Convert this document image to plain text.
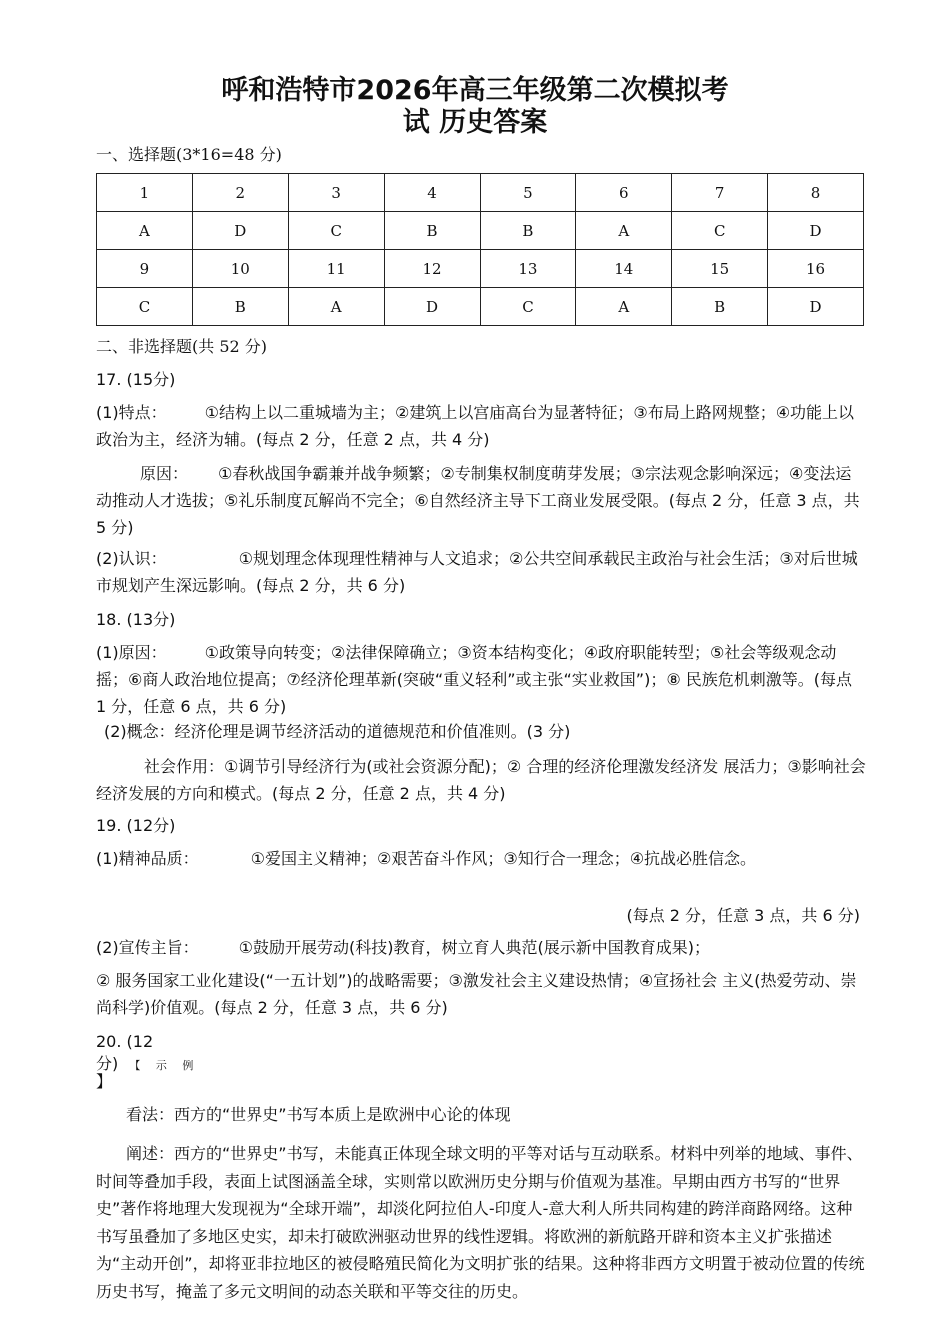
呼和浩特市2026年高三年级第二次模拟考
试 历史答案
一、选择题(3*16=48 分)
1	2	3	4	5	6	7	8
A	D	C	B	B	A	C	D
9	10	11	12	13	14	15	16
C	B	A	D	C	A	B	D
二、非选择题(共 52 分)
17. (15分)

(1)特点： ①结构上以二重城墙为主；②建筑上以宫庙高台为显著特征；③布局上路网规整；④功能上以政治为主，经济为辅。(每点 2 分，任意 2 点，共 4 分)

原因： ①春秋战国争霸兼并战争频繁；②专制集权制度萌芽发展；③宗法观念影响深远；④变法运动推动人才选拔；⑤礼乐制度瓦解尚不完全；⑥自然经济主导下工商业发展受限。(每点 2 分，任意 3 点，共 5 分)

(2)认识：	①规划理念体现理性精神与人文追求；②公共空间承载民主政治与社会生活；③对后世城市规划产生深远影响。(每点 2 分，共 6 分)

18. (13分)

(1)原因： ①政策导向转变；②法律保障确立；③资本结构变化；④政府职能转型；⑤社会等级观念动摇；⑥商人政治地位提高；⑦经济伦理革新(突破“重义轻利”或主张“实业救国”)；⑧ 民族危机刺激等。(每点 1 分，任意 6 点，共 6 分)

(2)概念：经济伦理是调节经济活动的道德规范和价值准则。(3 分)

社会作用：①调节引导经济行为(或社会资源分配)；② 合理的经济伦理激发经济发 展活力；③影响社会经济发展的方向和模式。(每点 2 分，任意 2 点，共 4 分)

19. (12分)

(1)精神品质：	①爱国主义精神；②艰苦奋斗作风；③知行合一理念；④抗战必胜信念。

(每点 2 分，任意 3 点，共 6 分)

(2)宣传主旨：	①鼓励开展劳动(科技)教育，树立育人典范(展示新中国教育成果)；

② 服务国家工业化建设(“一五计划”)的战略需要；③激发社会主义建设热情；④宣扬社会 主义(热爱劳动、崇尚科学)价值观。(每点 2 分，任意 3 点，共 6 分)

20. (12
分) 【 示 例
】

看法：西方的“世界史”书写本质上是欧洲中心论的体现

阐述：西方的“世界史”书写，未能真正体现全球文明的平等对话与互动联系。材料中列举的地域、事件、时间等叠加手段，表面上试图涵盖全球，实则常以欧洲历史分期与价值观为基准。早期由西方书写的“世界史”著作将地理大发现视为“全球开端”，却淡化阿拉伯人-印度人-意大利人所共同构建的跨洋商路网络。这种书写虽叠加了多地区史实，却未打破欧洲驱动世界的线性逻辑。将欧洲的新航路开辟和资本主义扩张描述为“主动开创”，却将亚非拉地区的被侵略殖民简化为文明扩张的结果。这种将非西方文明置于被动位置的传统历史书写，掩盖了多元文明间的动态关联和平等交往的历史。
